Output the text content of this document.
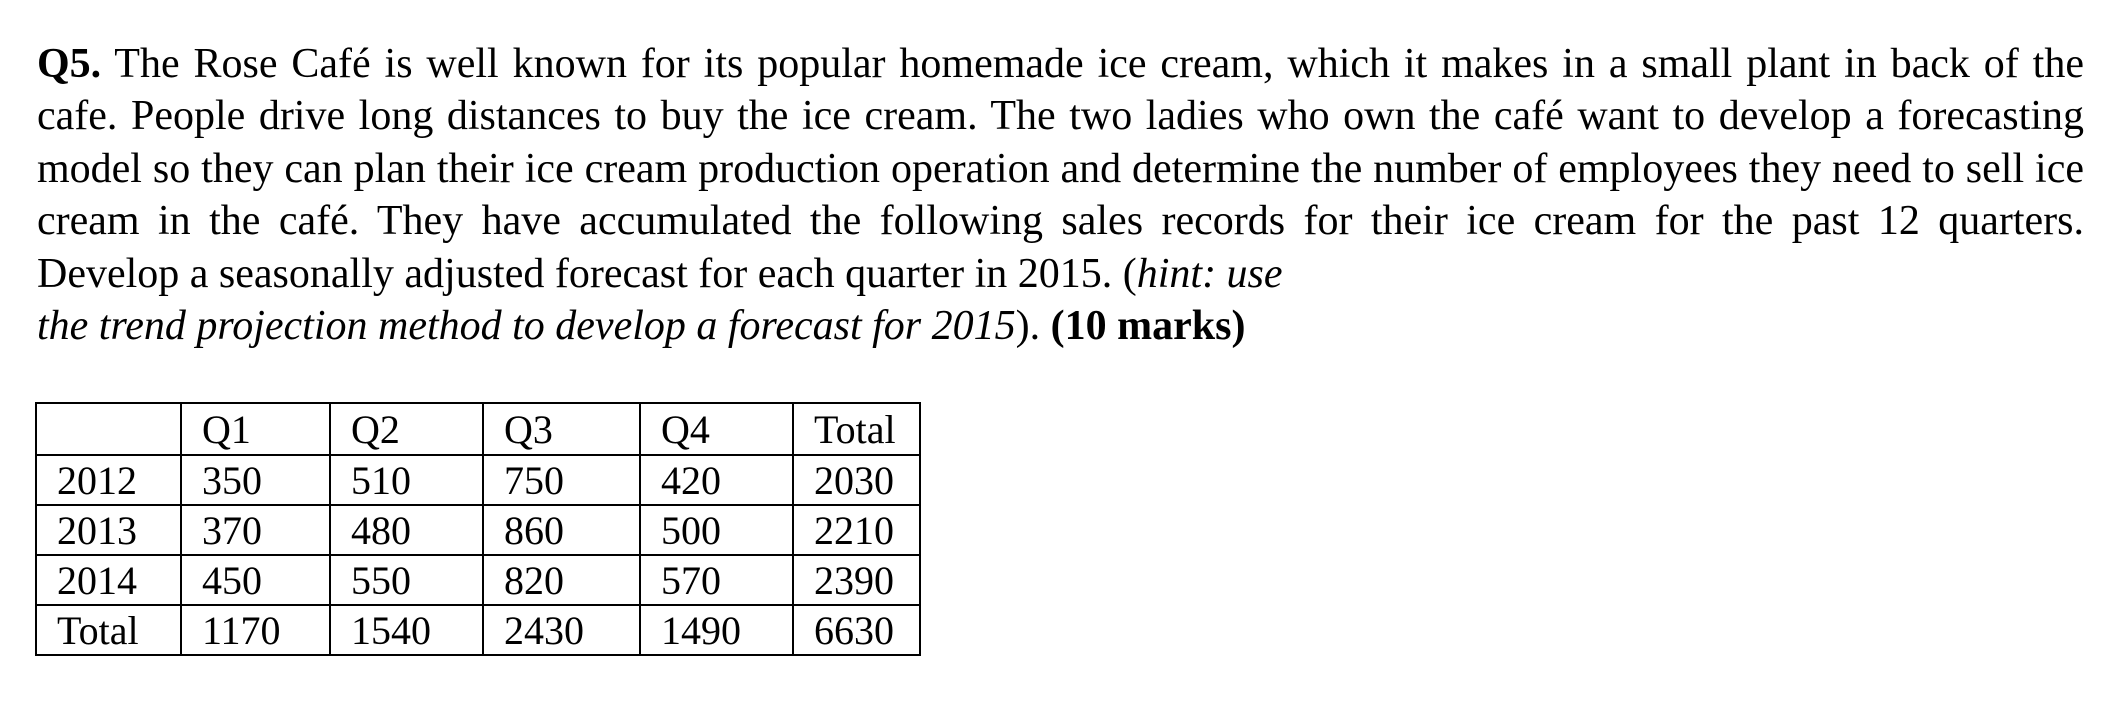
Q5. The Rose Café is well known for its popular homemade ice cream, which it makes in a small plant in back of the cafe. People drive long distances to buy the ice cream. The two ladies who own the café want to develop a forecasting model so they can plan their ice cream production operation and determine the number of employees they need to sell ice cream in the café. They have accumulated the following sales records for their ice cream for the past 12 quarters. Develop a seasonally adjusted forecast for each quarter in 2015. (hint: use
the trend projection method to develop a forecast for 2015). (10 marks)

	Q1	Q2	Q3	Q4	Total
2012	350	510	750	420	2030
2013	370	480	860	500	2210
2014	450	550	820	570	2390
Total	1170	1540	2430	1490	6630
